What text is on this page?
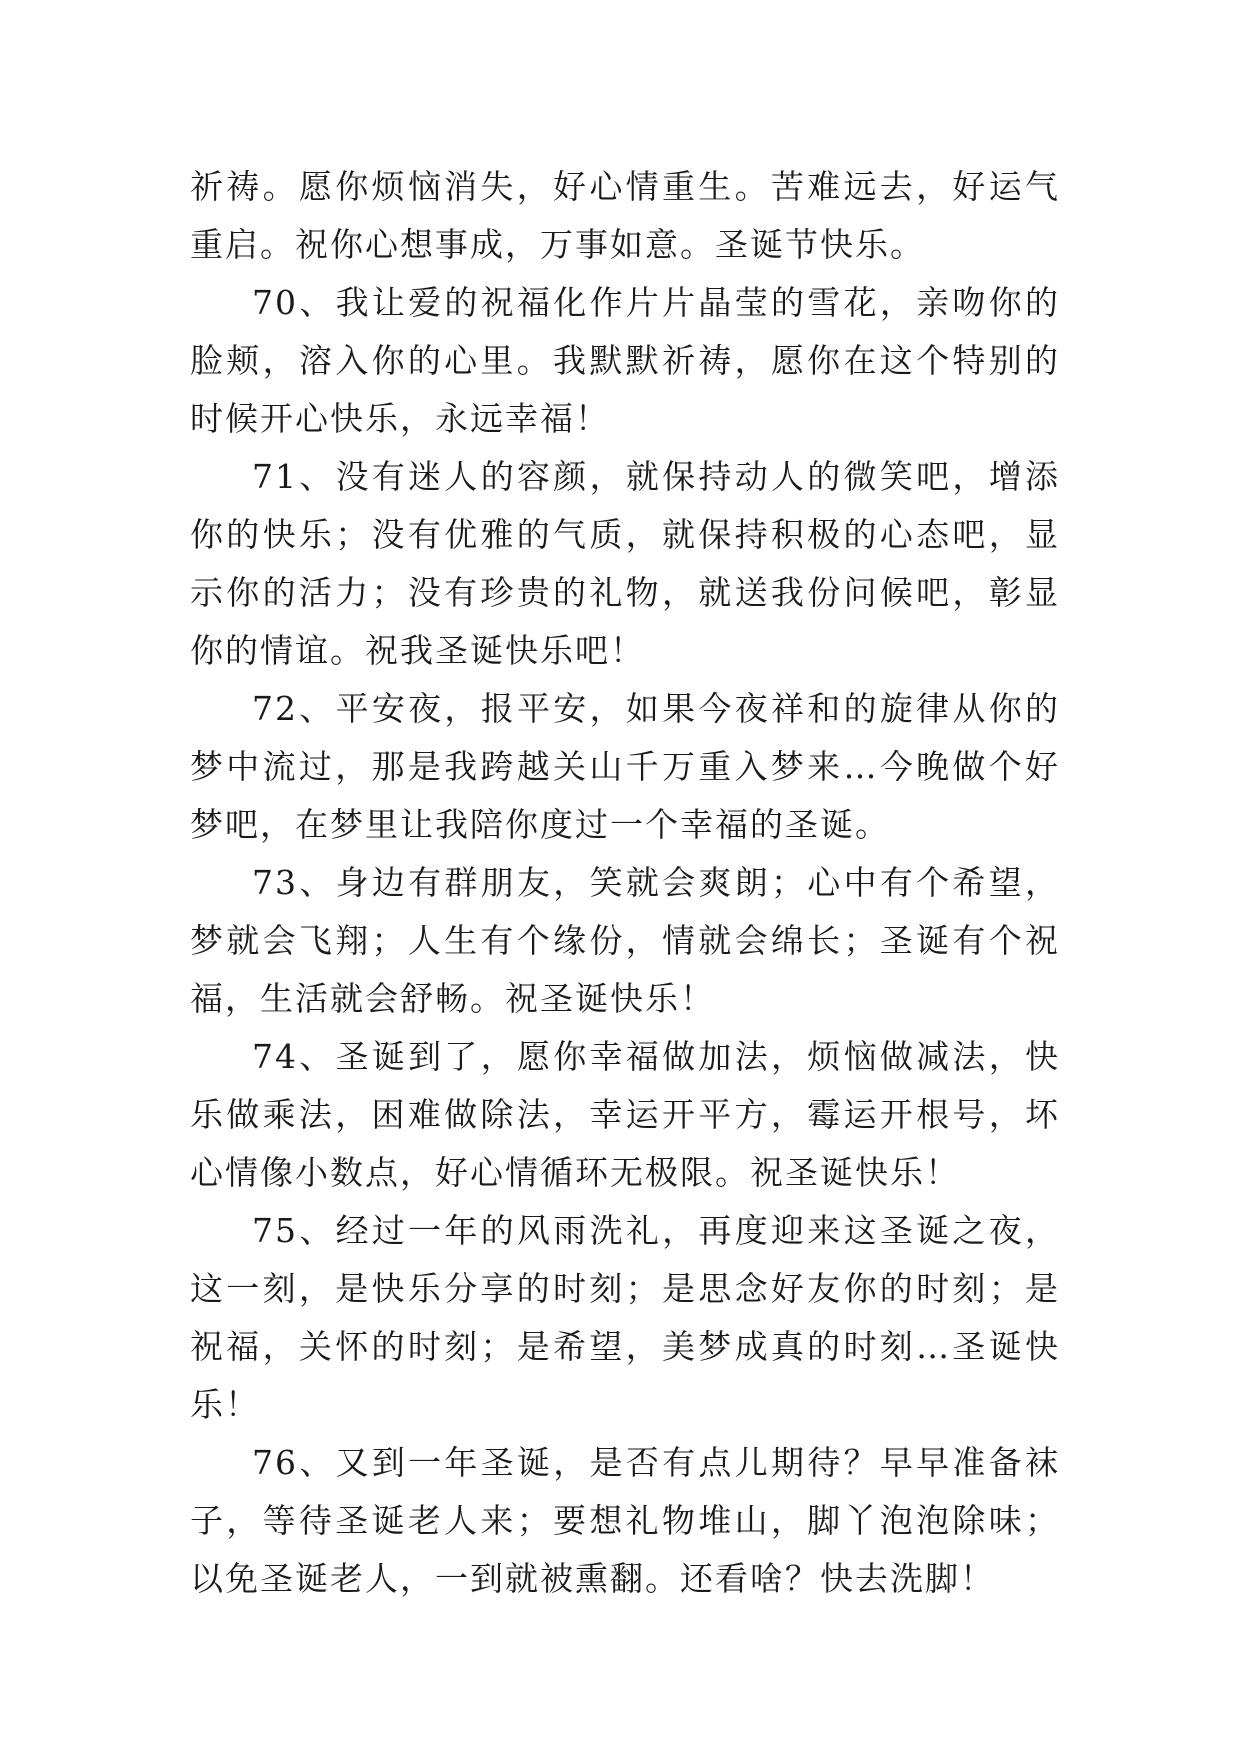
祈祷。愿你烦恼消失，好心情重生。苦难远去，好运气重启。祝你心想事成，万事如意。圣诞节快乐。

70、我让爱的祝福化作片片晶莹的雪花，亲吻你的脸颊，溶入你的心里。我默默祈祷，愿你在这个特别的时候开心快乐，永远幸福！

71、没有迷人的容颜，就保持动人的微笑吧，增添你的快乐；没有优雅的气质，就保持积极的心态吧，显示你的活力；没有珍贵的礼物，就送我份问候吧，彰显你的情谊。祝我圣诞快乐吧！

72、平安夜，报平安，如果今夜祥和的旋律从你的梦中流过，那是我跨越关山千万重入梦来…今晚做个好梦吧，在梦里让我陪你度过一个幸福的圣诞。

73、身边有群朋友，笑就会爽朗；心中有个希望，梦就会飞翔；人生有个缘份，情就会绵长；圣诞有个祝福，生活就会舒畅。祝圣诞快乐！

74、圣诞到了，愿你幸福做加法，烦恼做减法，快乐做乘法，困难做除法，幸运开平方，霉运开根号，坏心情像小数点，好心情循环无极限。祝圣诞快乐！

75、经过一年的风雨洗礼，再度迎来这圣诞之夜，这一刻，是快乐分享的时刻；是思念好友你的时刻；是祝福，关怀的时刻；是希望，美梦成真的时刻…圣诞快乐！

76、又到一年圣诞，是否有点儿期待？早早准备袜子，等待圣诞老人来；要想礼物堆山，脚丫泡泡除味；以免圣诞老人，一到就被熏翻。还看啥？快去洗脚！
